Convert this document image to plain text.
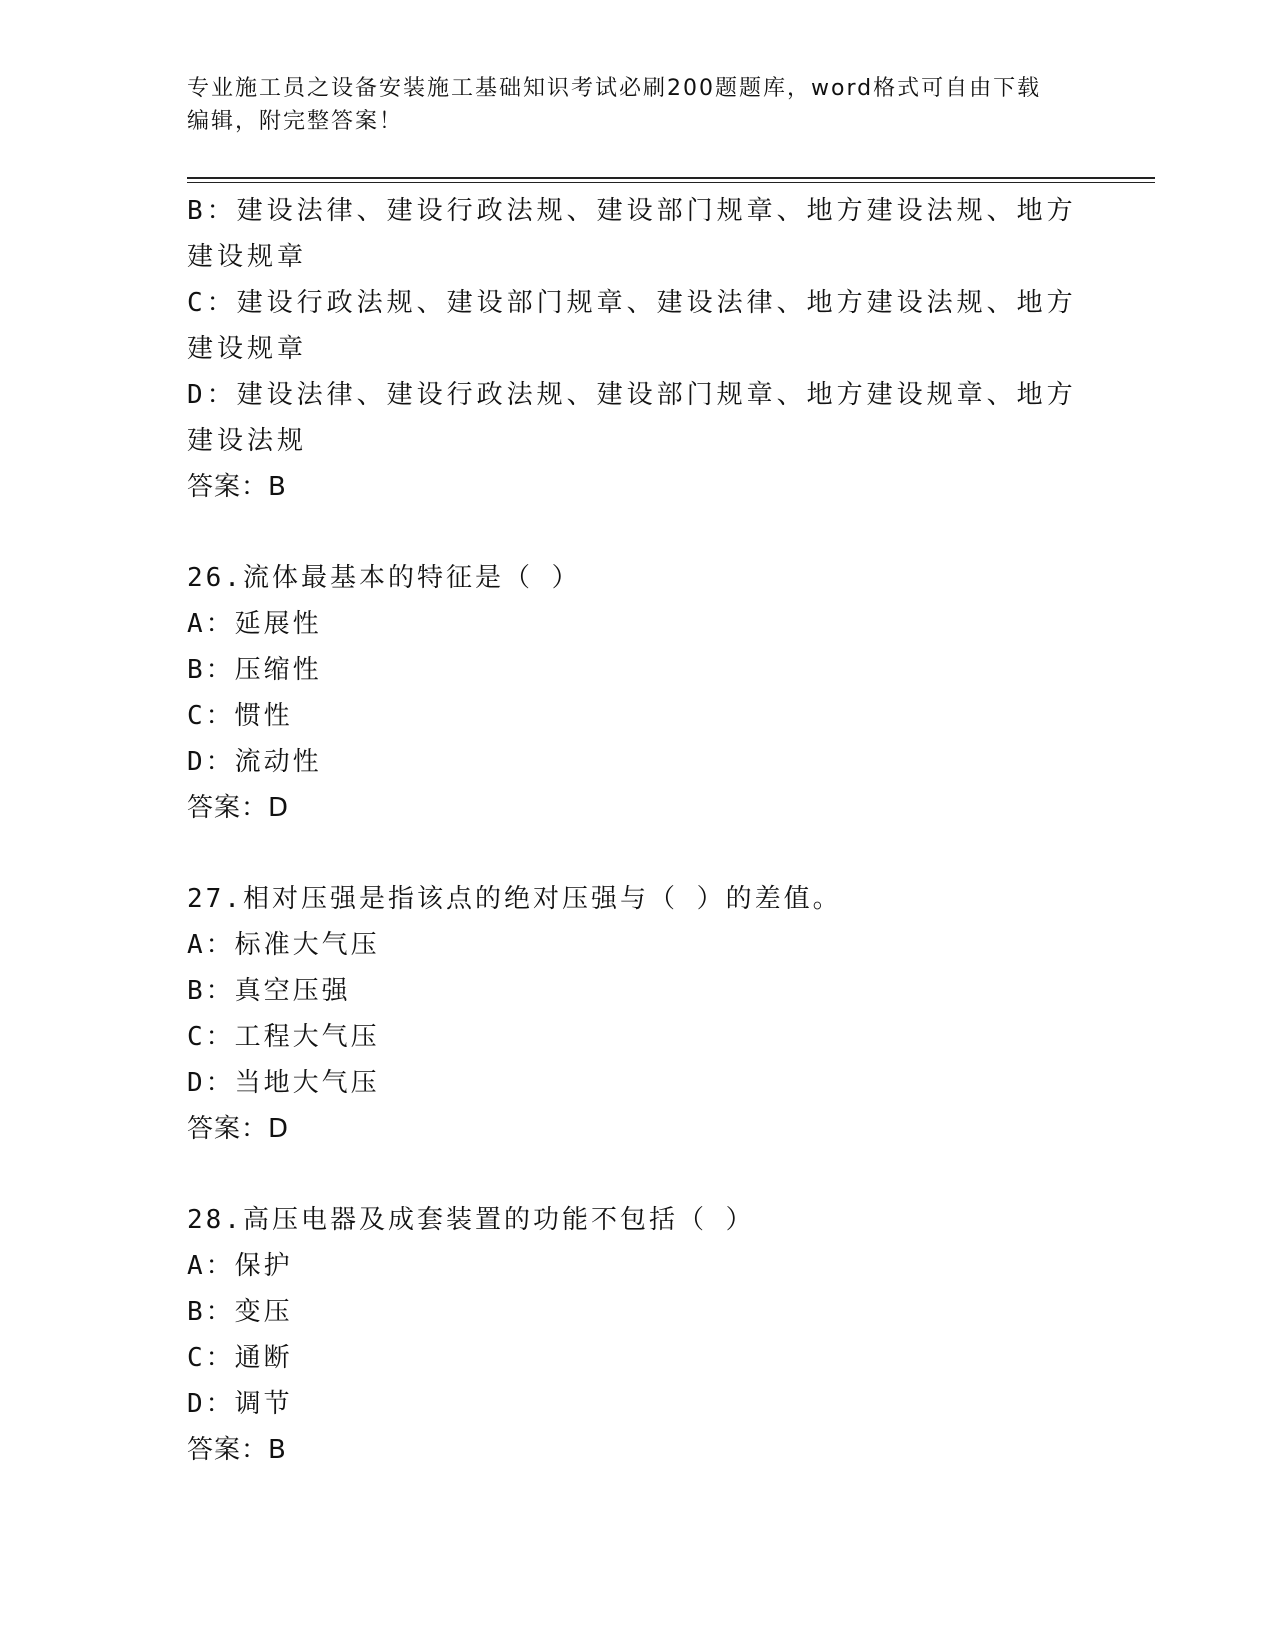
专业施工员之设备安装施工基础知识考试必刷200题题库，word格式可自由下载
编辑，附完整答案！
B：建设法律、建设行政法规、建设部门规章、地方建设法规、地方建设规章
C：建设行政法规、建设部门规章、建设法律、地方建设法规、地方建设规章
D：建设法律、建设行政法规、建设部门规章、地方建设规章、地方建设法规
答案：B
26.流体最基本的特征是（ ）
A：延展性
B：压缩性
C：惯性
D：流动性
答案：D
27.相对压强是指该点的绝对压强与（ ）的差值。
A：标准大气压
B：真空压强
C：工程大气压
D：当地大气压
答案：D
28.高压电器及成套装置的功能不包括（ ）
A：保护
B：变压
C：通断
D：调节
答案：B
